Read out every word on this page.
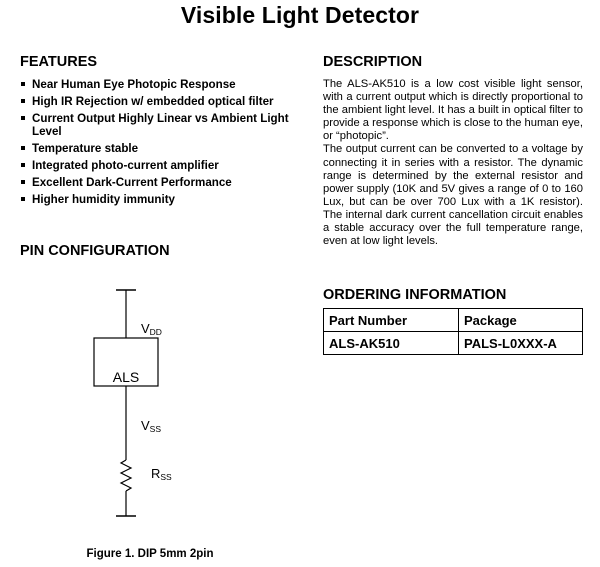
Visible Light Detector
FEATURES
Near Human Eye Photopic Response
High IR Rejection w/ embedded optical filter
Current Output Highly Linear vs Ambient Light Level
Temperature stable
Integrated photo-current amplifier
Excellent Dark-Current Performance
Higher humidity immunity
PIN CONFIGURATION
VDD
ALS
VSS
RSS
Figure 1. DIP 5mm 2pin
DESCRIPTION

The ALS-AK510 is a low cost visible light sensor, with a current output which is directly proportional to the ambient light level. It has a built in optical filter to provide a response which is close to the human eye, or “photopic”.

The output current can be converted to a voltage by connecting it in series with a resistor. The dynamic range is determined by the external resistor and power supply (10K and 5V gives a range of 0 to 160 Lux, but can be over 700 Lux with a 1K resistor). The internal dark current cancellation circuit enables a stable accuracy over the full temperature range, even at low light levels.

ORDERING INFORMATION
Part Number	Package
ALS-AK510	PALS-L0XXX-A
